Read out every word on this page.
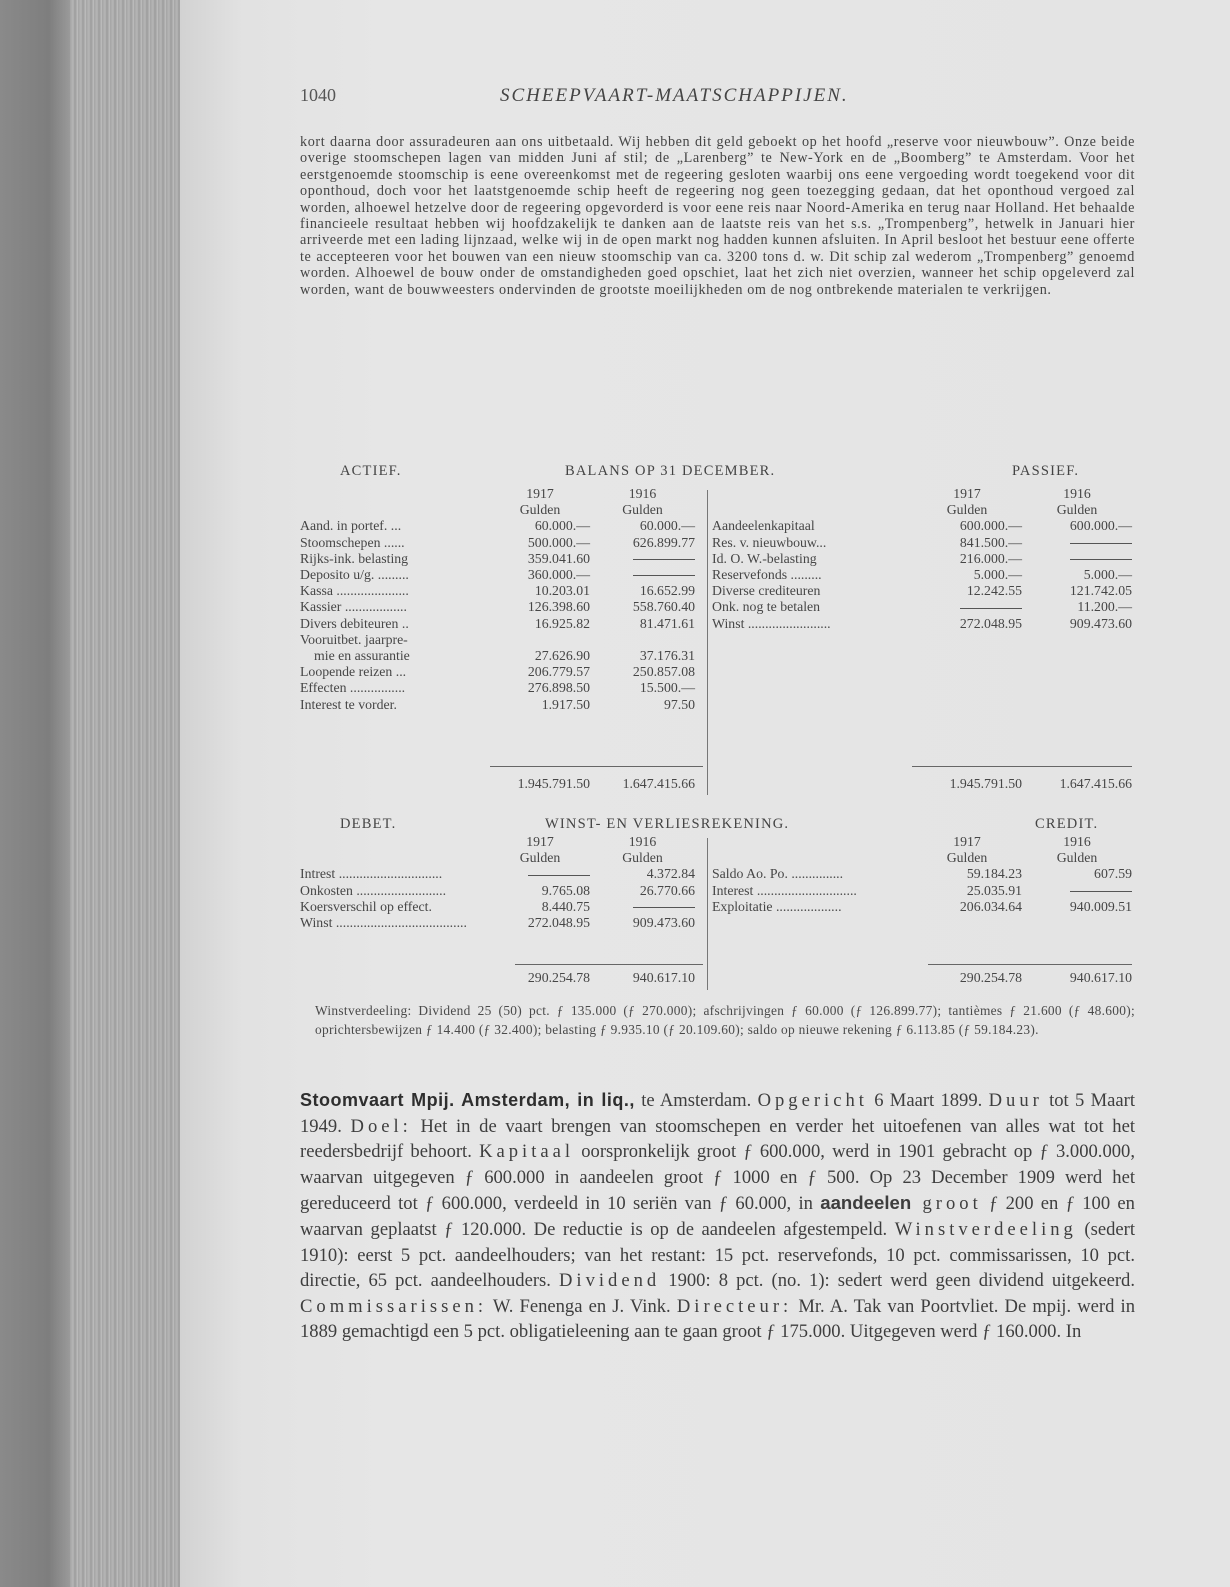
1040	SCHEEPVAART-MAATSCHAPPIJEN.

kort daarna door assuradeuren aan ons uitbetaald. Wij hebben dit geld geboekt op het hoofd „reserve voor nieuwbouw”. Onze beide overige stoomschepen lagen van midden Juni af stil; de „Larenberg” te New-York en de „Boomberg” te Amsterdam. Voor het eerstgenoemde stoomschip is eene overeenkomst met de regeering gesloten waarbij ons eene vergoeding wordt toegekend voor dit oponthoud, doch voor het laatstgenoemde schip heeft de regeering nog geen toezegging gedaan, dat het oponthoud vergoed zal worden, alhoewel hetzelve door de regeering opgevorderd is voor eene reis naar Noord-Amerika en terug naar Holland. Het behaalde financieele resultaat hebben wij hoofdzakelijk te danken aan de laatste reis van het s.s. „Trompenberg”, hetwelk in Januari hier arriveerde met een lading lijnzaad, welke wij in de open markt nog hadden kunnen afsluiten. In April besloot het bestuur eene offerte te accepteeren voor het bouwen van een nieuw stoomschip van ca. 3200 tons d. w. Dit schip zal wederom „Trompenberg” genoemd worden. Alhoewel de bouw onder de omstandigheden goed opschiet, laat het zich niet overzien, wanneer het schip opgeleverd zal worden, want de bouwweesters ondervinden de grootste moeilijkheden om de nog ontbrekende materialen te verkrijgen.

ACTIEF.	BALANS OP 31 DECEMBER.	PASSIEF.
	1917	1916
	Gulden	Gulden
Aand. in portef. ...	60.000.—	60.000.—
Stoomschepen ......	500.000.—	626.899.77
Rijks-ink. belasting	359.041.60	
Deposito u/g. .........	360.000.—	
Kassa .....................	10.203.01	16.652.99
Kassier ..................	126.398.60	558.760.40
Divers debiteuren ..	16.925.82	81.471.61
Vooruitbet. jaarpre-		
mie en assurantie	27.626.90	37.176.31
Loopende reizen ...	206.779.57	250.857.08
Effecten ................	276.898.50	15.500.—
Interest te vorder.	1.917.50	97.50
	1.945.791.50	1.647.415.66
	1917	1916
	Gulden	Gulden
Aandeelenkapitaal	600.000.—	600.000.—
Res. v. nieuwbouw...	841.500.—	
Id. O. W.-belasting	216.000.—	
Reservefonds .........	5.000.—	5.000.—
Diverse crediteuren	12.242.55	121.742.05
Onk. nog te betalen		11.200.—
Winst ........................	272.048.95	909.473.60
	1.945.791.50	1.647.415.66
DEBET.	WINST- EN VERLIESREKENING.	CREDIT.
	1917	1916
	Gulden	Gulden
Intrest ..............................		4.372.84
Onkosten ..........................	9.765.08	26.770.66
Koersverschil op effect.	8.440.75	
Winst ......................................	272.048.95	909.473.60
	290.254.78	940.617.10
	1917	1916
	Gulden	Gulden
Saldo Ao. Po. ...............	59.184.23	607.59
Interest .............................	25.035.91	
Exploitatie ...................	206.034.64	940.009.51
	290.254.78	940.617.10
Winstverdeeling: Dividend 25 (50) pct. ƒ 135.000 (ƒ 270.000); afschrijvingen ƒ 60.000 (ƒ 126.899.77); tantièmes ƒ 21.600 (ƒ 48.600); oprichtersbewijzen ƒ 14.400 (ƒ 32.400); belasting ƒ 9.935.10 (ƒ 20.109.60); saldo op nieuwe rekening ƒ 6.113.85 (ƒ 59.184.23).
Stoomvaart Mpij. Amsterdam, in liq., te Amsterdam. Opgericht 6 Maart 1899. Duur tot 5 Maart 1949. Doel: Het in de vaart brengen van stoomschepen en verder het uitoefenen van alles wat tot het reedersbedrijf behoort. Kapitaal oorspronkelijk groot ƒ 600.000, werd in 1901 gebracht op ƒ 3.000.000, waarvan uitgegeven ƒ 600.000 in aandeelen groot ƒ 1000 en ƒ 500. Op 23 December 1909 werd het gereduceerd tot ƒ 600.000, verdeeld in 10 seriën van ƒ 60.000, in aandeelen groot ƒ 200 en ƒ 100 en waarvan geplaatst ƒ 120.000. De reductie is op de aandeelen afgestempeld. Winstverdeeling (sedert 1910): eerst 5 pct. aandeelhouders; van het restant: 15 pct. reservefonds, 10 pct. commissarissen, 10 pct. directie, 65 pct. aandeelhouders. Dividend 1900: 8 pct. (no. 1): sedert werd geen dividend uitgekeerd. Commissarissen: W. Fenenga en J. Vink. Directeur: Mr. A. Tak van Poortvliet. De mpij. werd in 1889 gemachtigd een 5 pct. obligatieleening aan te gaan groot ƒ 175.000. Uitgegeven werd ƒ 160.000. In
